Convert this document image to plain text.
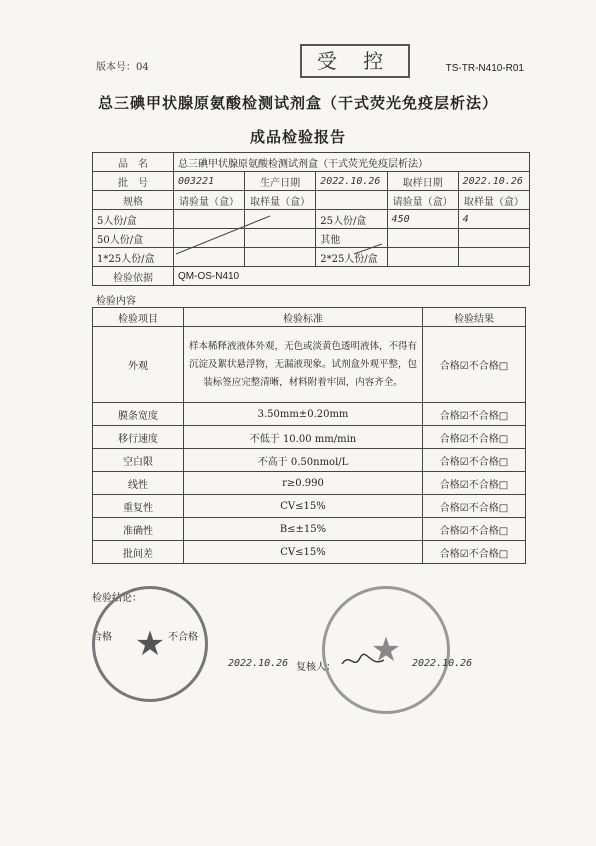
版本号：04	受 控	TS-TR-N410-R01
总三碘甲状腺原氨酸检测试剂盒（干式荧光免疫层析法）
成品检验报告
品　名	总三碘甲状腺原氨酸检测试剂盒（干式荧光免疫层析法）				
批　号	003221	生产日期	2022.10.26	取样日期	2022.10.26
规格	请验量（盒）	取样量（盒）		请验量（盒）	取样量（盒）
5人份/盒			25人份/盒	450	4
50人份/盒			其他		
1*25人份/盒			2*25人份/盒		
检验依据	QM-OS-N410				
检验内容
检验项目	检验标准	检验结果
外观	样本稀释液液体外观，无色或淡黄色透明液体，不得有沉淀及絮状悬浮物，无漏液现象。试剂盒外观平整，包装标签应完整清晰，材料附着牢固，内容齐全。	合格☑不合格□
膜条宽度	3.50mm±0.20mm	合格☑不合格□
移行速度	不低于 10.00 mm/min	合格☑不合格□
空白限	不高于 0.50nmol/L	合格☑不合格□
线性	r≥0.990	合格☑不合格□
重复性	CV≤15%	合格☑不合格□
准确性	B≤±15%	合格☑不合格□
批间差	CV≤15%	合格☑不合格□
检验结论：
合格	不合格
★	★
2022.10.26 复核人：	2022.10.26
